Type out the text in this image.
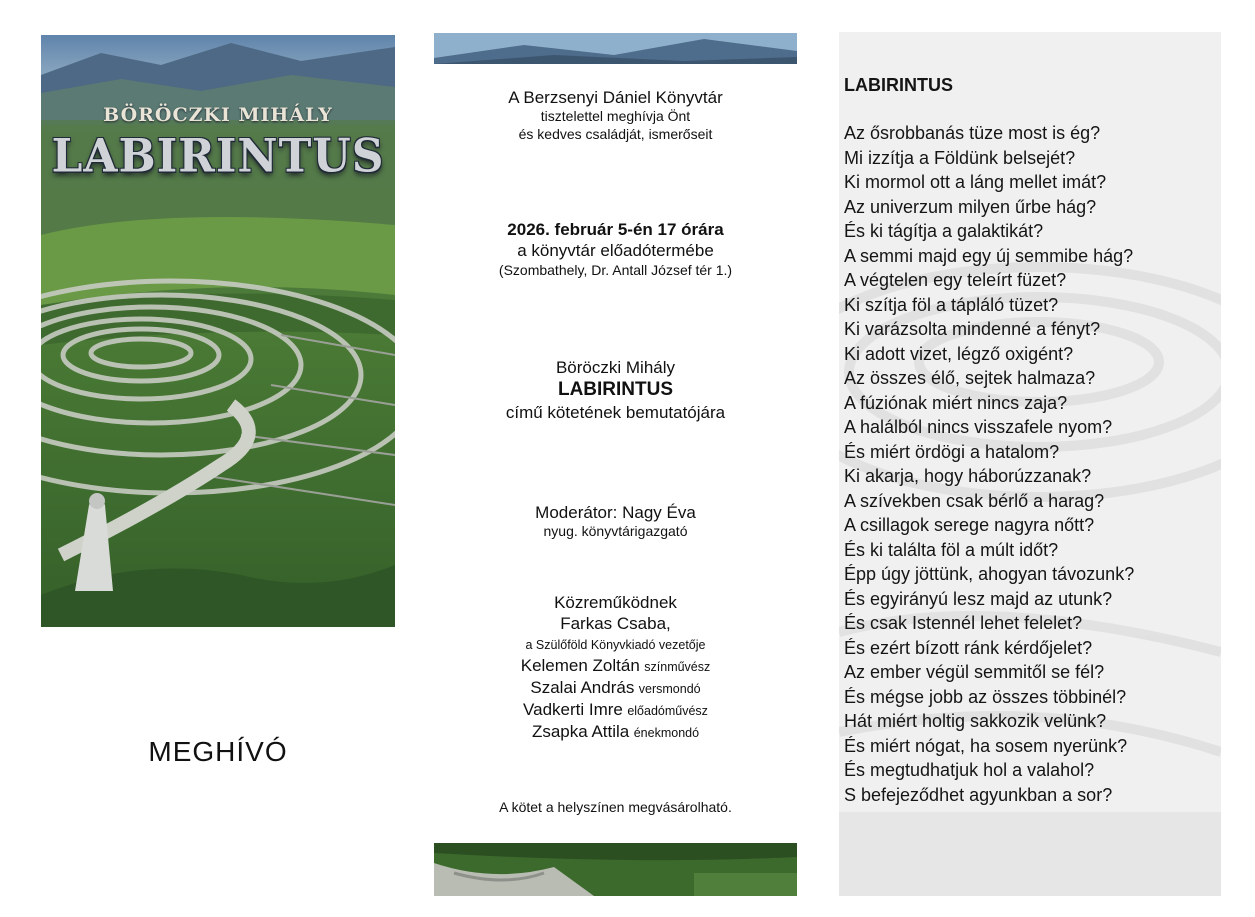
BÖRÖCZKI MIHÁLY
LABIRINTUS
MEGHÍVÓ
A Berzsenyi Dániel Könyvtár
tisztelettel meghívja Önt
és kedves családját, ismerőseit
2026. február 5-én 17 órára
a könyvtár előadótermébe
(Szombathely, Dr. Antall József tér 1.)
Böröczki Mihály
LABIRINTUS
című kötetének bemutatójára
Moderátor: Nagy Éva
nyug. könyvtárigazgató
Közreműködnek
Farkas Csaba,
a Szülőföld Könyvkiadó vezetője
Kelemen Zoltán színművész
Szalai András versmondó
Vadkerti Imre előadóművész
Zsapka Attila énekmondó
A kötet a helyszínen megvásárolható.
LABIRINTUS
Az ősrobbanás tüze most is ég?
Mi izzítja a Földünk belsejét?
Ki mormol ott a láng mellet imát?
Az univerzum milyen űrbe hág?
És ki tágítja a galaktikát?
A semmi majd egy új semmibe hág?
A végtelen egy teleírt füzet?
Ki szítja föl a tápláló tüzet?
Ki varázsolta mindenné a fényt?
Ki adott vizet, légző oxigént?
Az összes élő, sejtek halmaza?
A fúziónak miért nincs zaja?
A halálból nincs visszafele nyom?
És miért ördögi a hatalom?
Ki akarja, hogy háborúzzanak?
A szívekben csak bérlő a harag?
A csillagok serege nagyra nőtt?
És ki találta föl a múlt időt?
Épp úgy jöttünk, ahogyan távozunk?
És egyirányú lesz majd az utunk?
És csak Istennél lehet felelet?
És ezért bízott ránk kérdőjelet?
Az ember végül semmitől se fél?
És mégse jobb az összes többinél?
Hát miért holtig sakkozik velünk?
És miért nógat, ha sosem nyerünk?
És megtudhatjuk hol a valahol?
S befejeződhet agyunkban a sor?
